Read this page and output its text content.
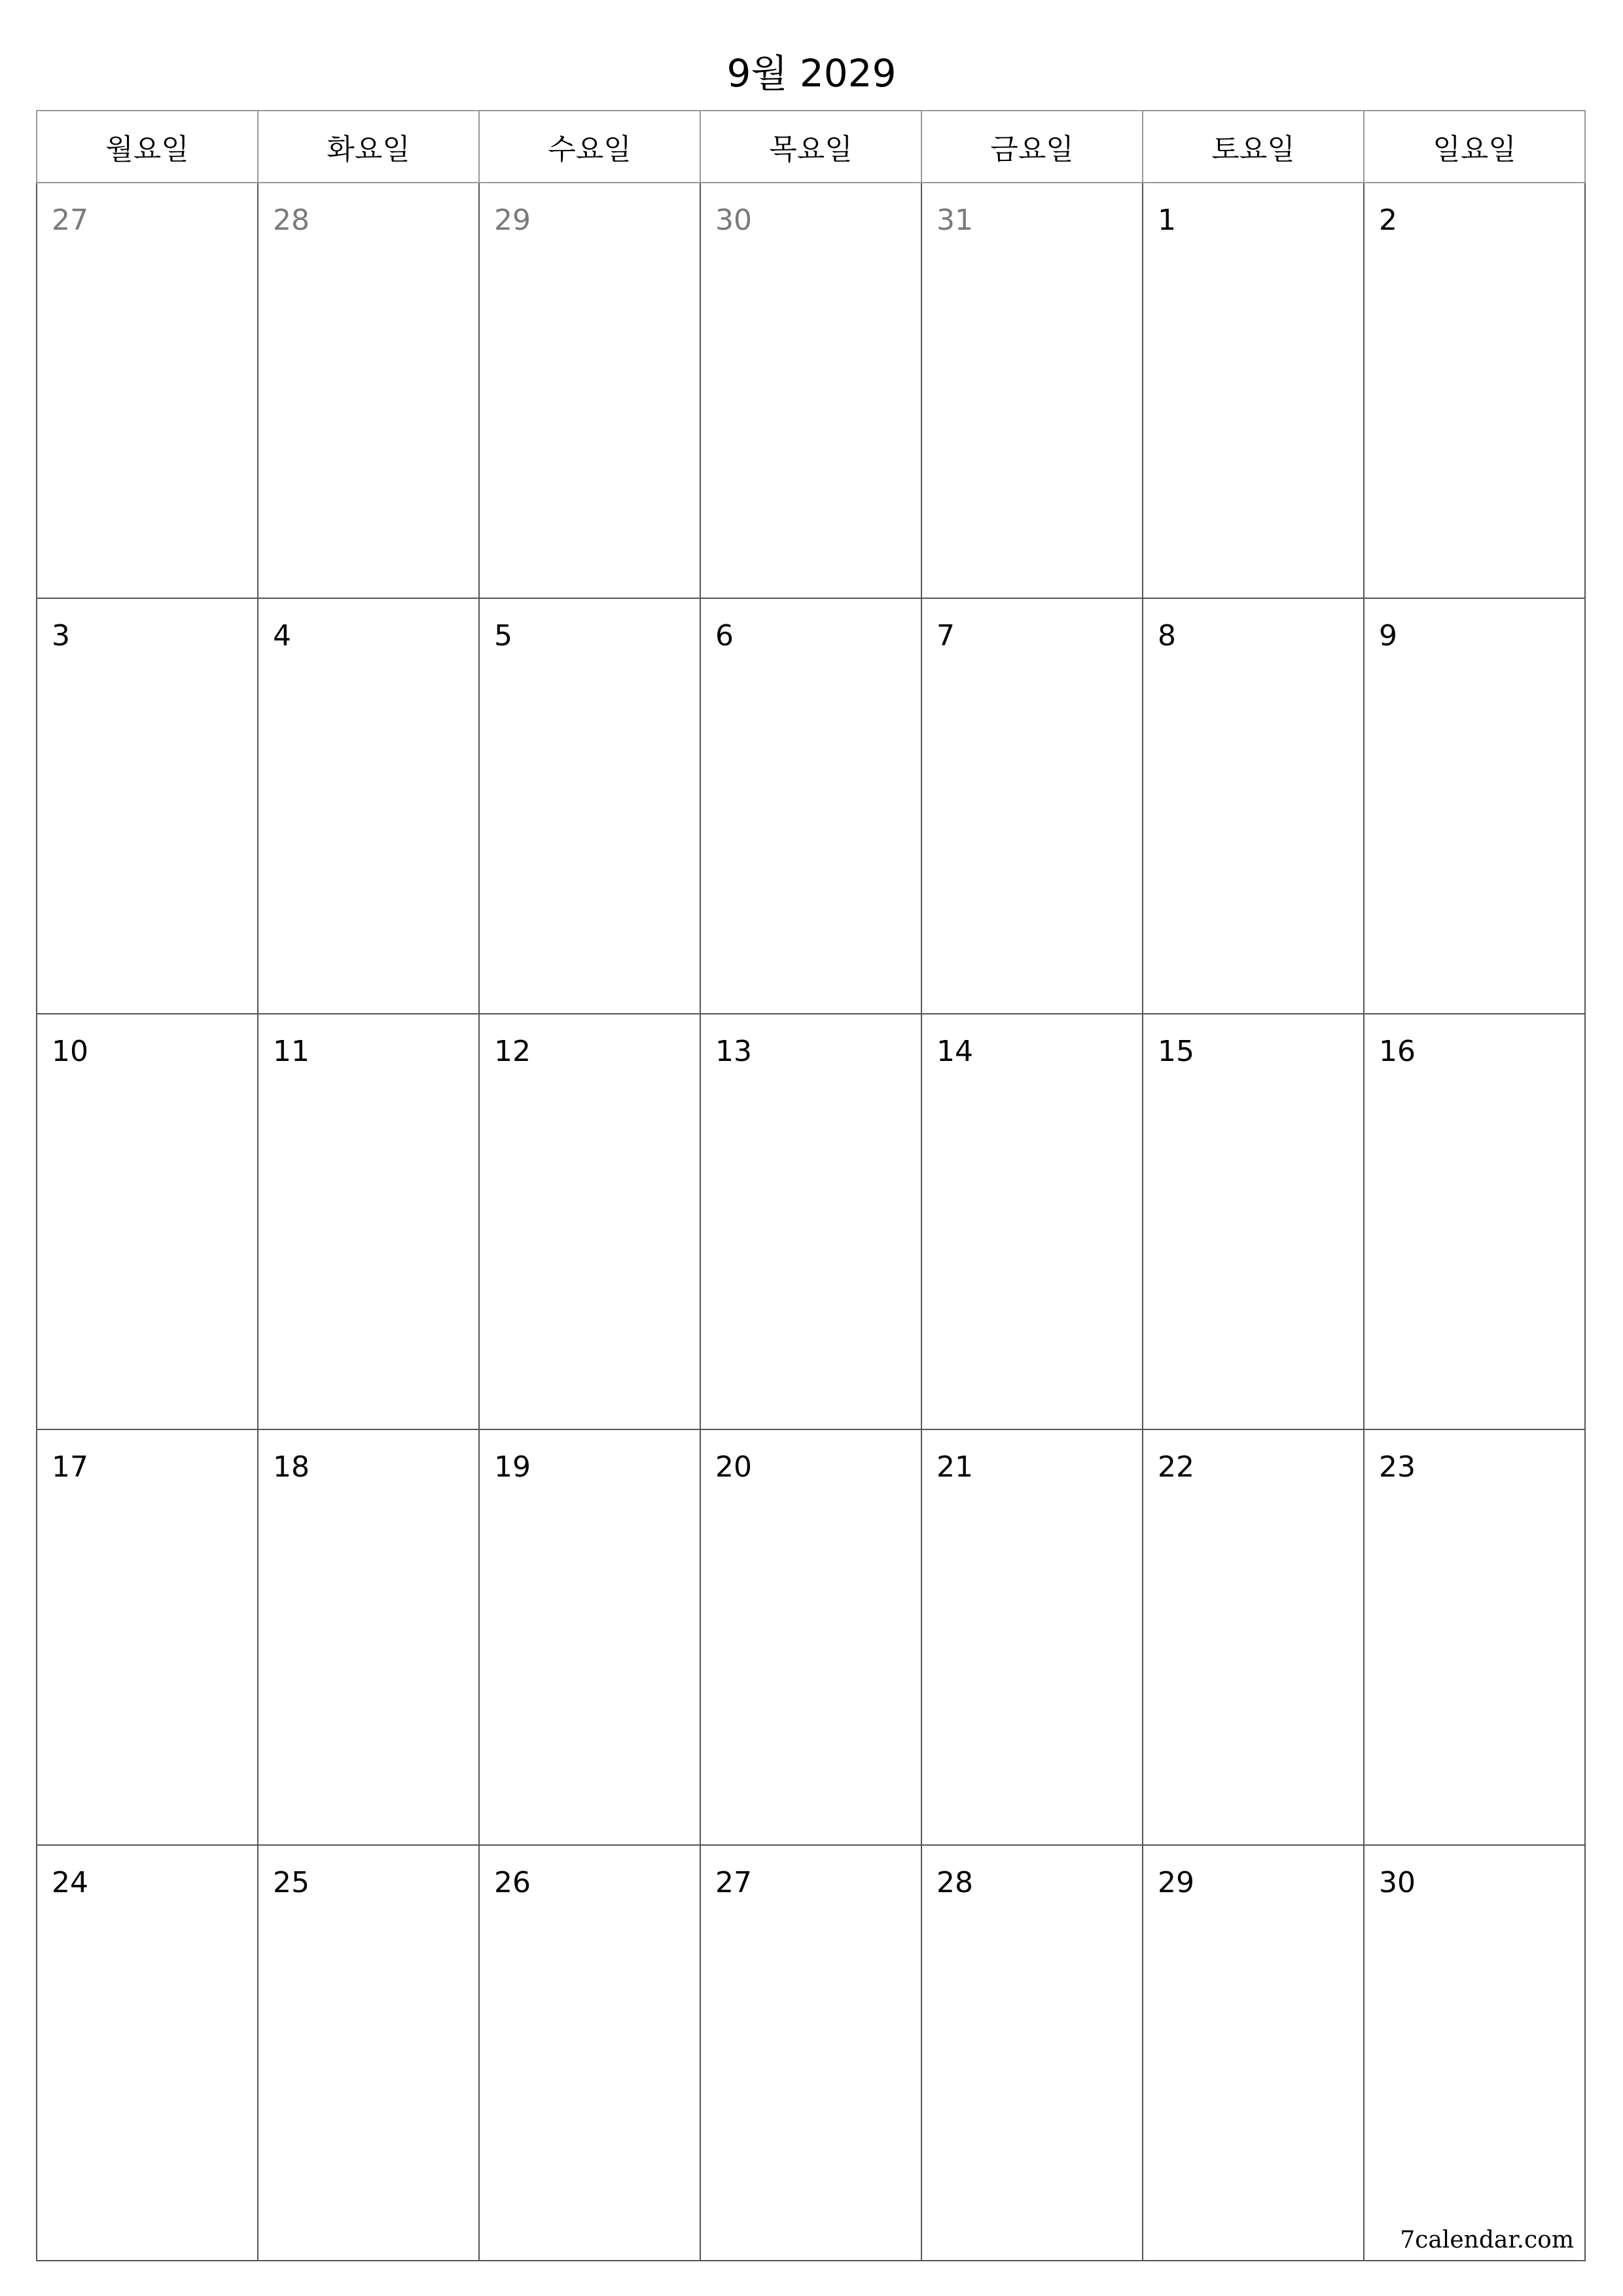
9월 2029
월요일	화요일	수요일	목요일	금요일	토요일	일요일

27	28	29	30	31	1	2

3	4	5	6	7	8	9

10	11	12	13	14	15	16

17	18	19	20	21	22	23

24	25	26	27	28	29	30
7calendar.com
